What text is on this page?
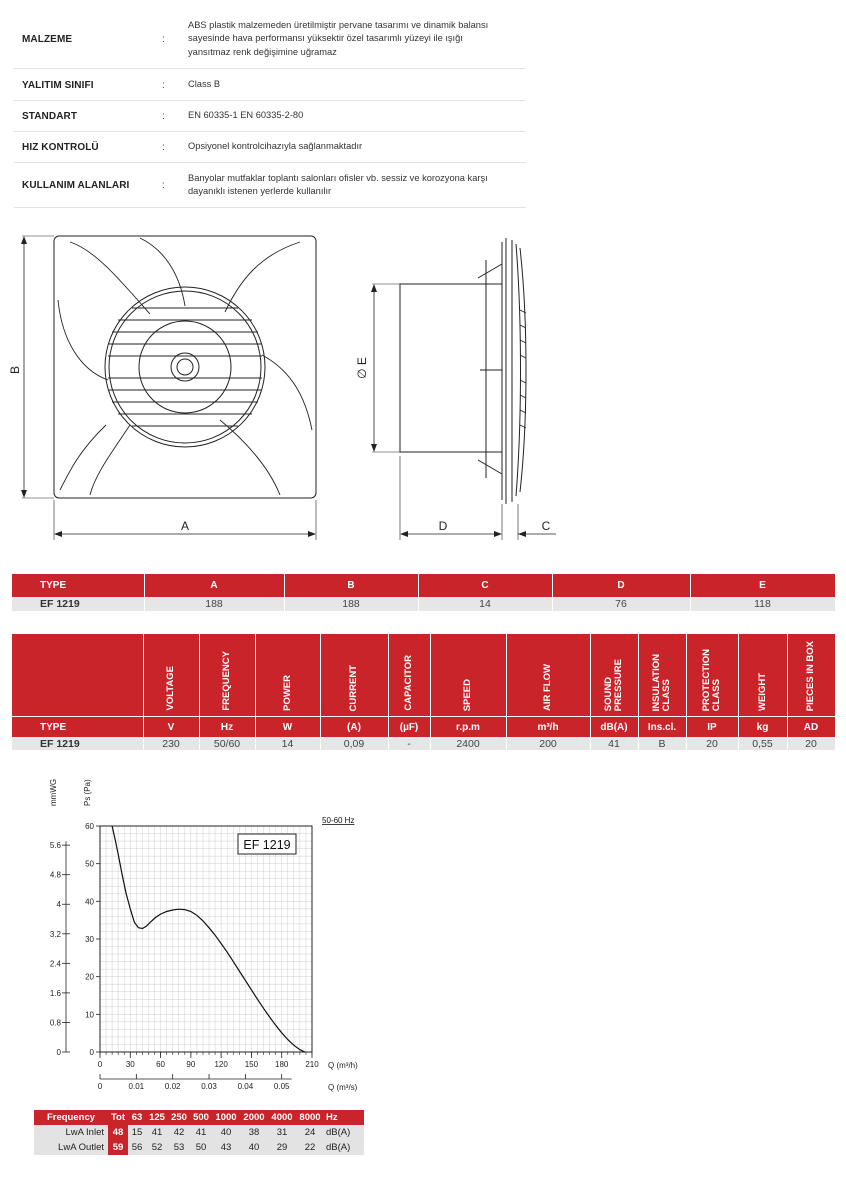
MALZEME	:
ABS plastik malzemeden üretilmiştir pervane tasarımı ve dinamik balansı
sayesinde hava performansı yüksektir özel tasarımlı yüzeyi ile ışığı
yansıtmaz renk değişimine uğramaz
YALITIM SINIFI	:	Class B
STANDART	:	EN 60335-1 EN 60335-2-80
HIZ KONTROLÜ	:	Opsiyonel kontrolcihazıyla sağlanmaktadır
KULLANIM ALANLARI	:
Banyolar mutfaklar toplantı salonları ofisler vb. sessiz ve korozyona karşı
dayanıklı istenen yerlerde kullanılır
A
B	∅ E
D	C
TYPE	A	B	C	D	E
EF 1219	188	188	14	76	118
	VOLTAGE	FREQUENCY	POWER	CURRENT	CAPACITOR	SPEED	AIR FLOW	SOUND
PRESSURE	INSULATION
CLASS	PROTECTION
CLASS	WEIGHT	PIECES IN BOX
TYPE	V	Hz	W	(A)	(µF)	r.p.m	m³/h	dB(A)	Ins.cl.	IP	kg	AD
EF 1219	230	50/60	14	0,09	-	2400	200	41	B	20	0,55	20
0	30	60	90 120 150 180 210
0
10
20
30
40
50
60
0
0.8
1.6
2.4
3.2
4
4.8
5.6
0	0.01	0.02	0.03	0.04	0.05
EF 1219
50-60 Hz
mmWG	Ps (Pa)
Q (m³/h)
Q (m³/s)
Frequency	Tot	63	125	250	500	1000	2000	4000	8000	Hz
LwA Inlet	48	15	41	42	41	40	38	31	24	dB(A)
LwA Outlet	59	56	52	53	50	43	40	29	22	dB(A)
